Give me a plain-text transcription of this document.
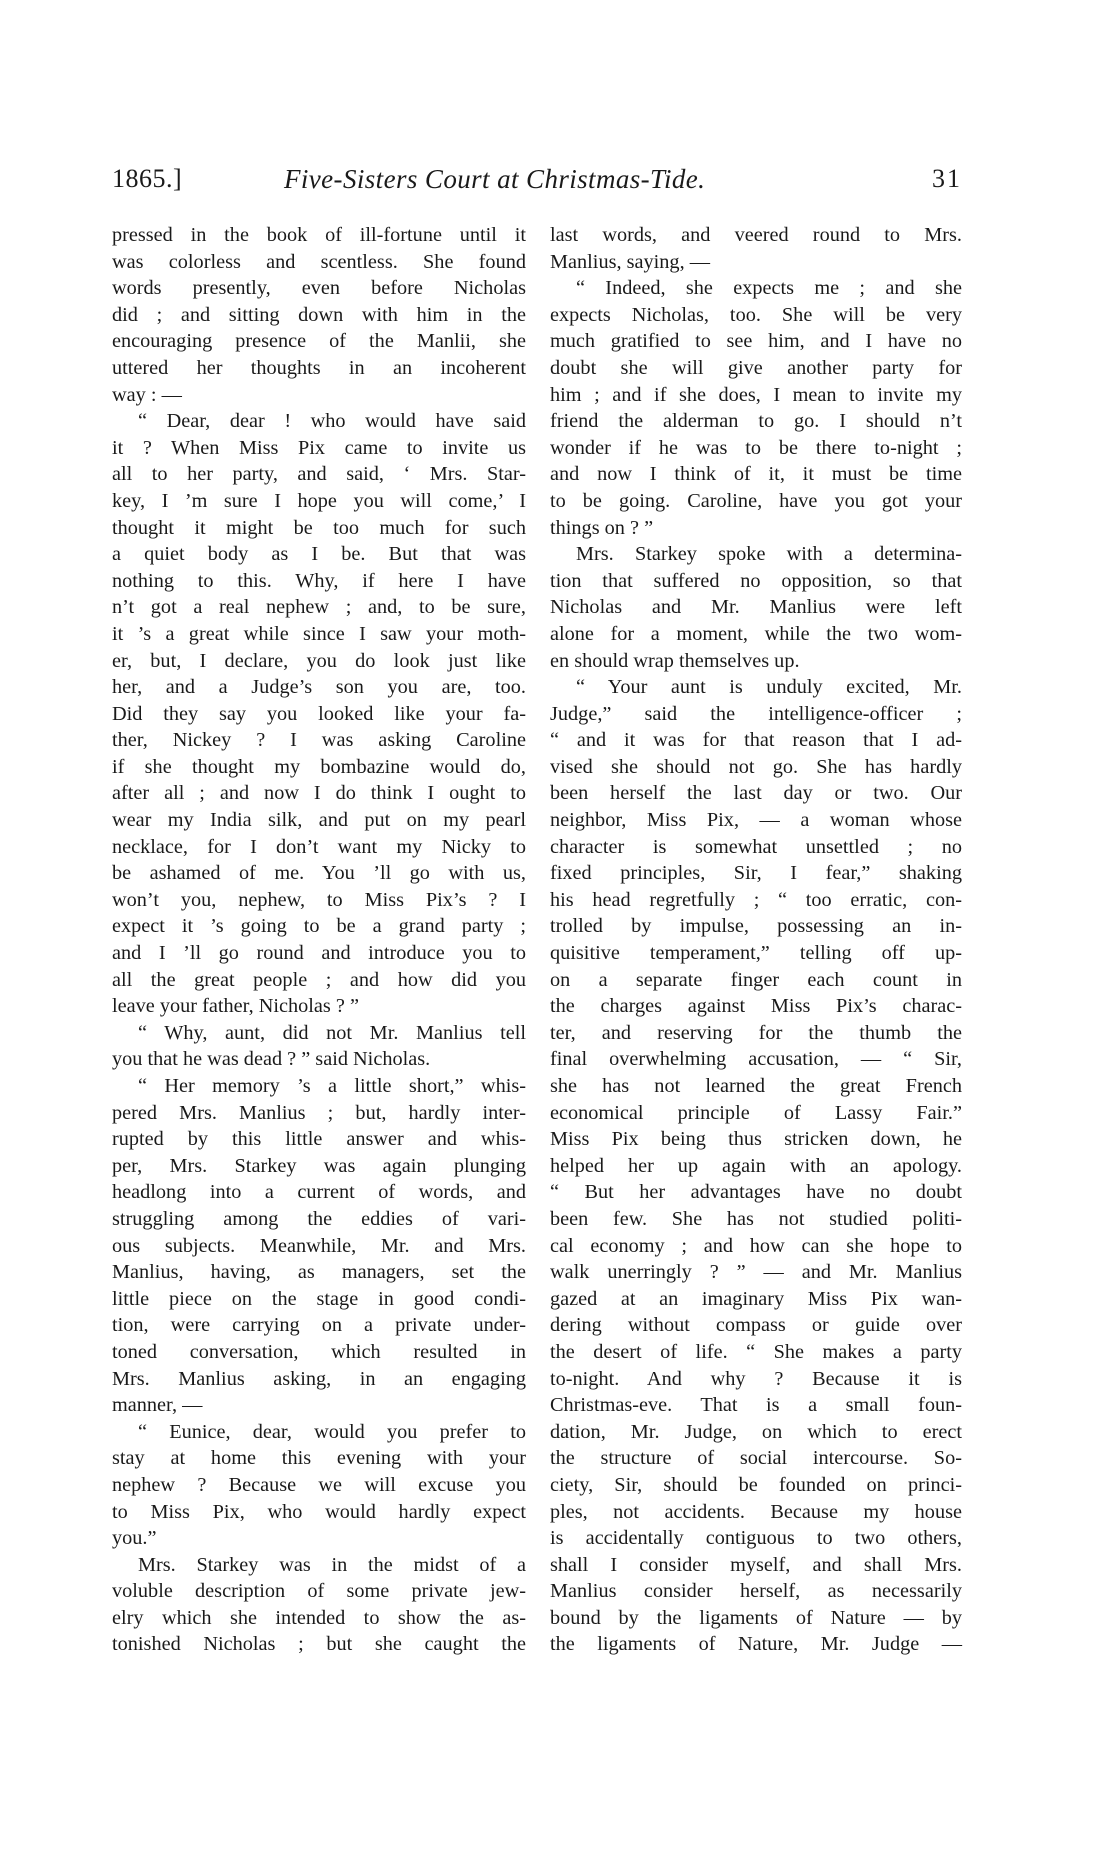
1865.]	Five-Sisters Court at Christmas-Tide.	31
pressed in the book of ill-fortune until it
was colorless and scentless. She found
words presently, even before Nicholas
did ; and sitting down with him in the
encouraging presence of the Manlii, she
uttered her thoughts in an incoherent
way : —
“ Dear, dear ! who would have said
it ? When Miss Pix came to invite us
all to her party, and said, ‘ Mrs. Star-
key, I ’m sure I hope you will come,’ I
thought it might be too much for such
a quiet body as I be. But that was
nothing to this. Why, if here I have
n’t got a real nephew ; and, to be sure,
it ’s a great while since I saw your moth-
er, but, I declare, you do look just like
her, and a Judge’s son you are, too.
Did they say you looked like your fa-
ther, Nickey ? I was asking Caroline
if she thought my bombazine would do,
after all ; and now I do think I ought to
wear my India silk, and put on my pearl
necklace, for I don’t want my Nicky to
be ashamed of me. You ’ll go with us,
won’t you, nephew, to Miss Pix’s ? I
expect it ’s going to be a grand party ;
and I ’ll go round and introduce you to
all the great people ; and how did you
leave your father, Nicholas ? ”
“ Why, aunt, did not Mr. Manlius tell
you that he was dead ? ” said Nicholas.
“ Her memory ’s a little short,” whis-
pered Mrs. Manlius ; but, hardly inter-
rupted by this little answer and whis-
per, Mrs. Starkey was again plunging
headlong into a current of words, and
struggling among the eddies of vari-
ous subjects. Meanwhile, Mr. and Mrs.
Manlius, having, as managers, set the
little piece on the stage in good condi-
tion, were carrying on a private under-
toned conversation, which resulted in
Mrs. Manlius asking, in an engaging
manner, —
“ Eunice, dear, would you prefer to
stay at home this evening with your
nephew ? Because we will excuse you
to Miss Pix, who would hardly expect
you.”
Mrs. Starkey was in the midst of a
voluble description of some private jew-
elry which she intended to show the as-
tonished Nicholas ; but she caught the
last words, and veered round to Mrs.
Manlius, saying, —
“ Indeed, she expects me ; and she
expects Nicholas, too. She will be very
much gratified to see him, and I have no
doubt she will give another party for
him ; and if she does, I mean to invite my
friend the alderman to go. I should n’t
wonder if he was to be there to-night ;
and now I think of it, it must be time
to be going. Caroline, have you got your
things on ? ”
Mrs. Starkey spoke with a determina-
tion that suffered no opposition, so that
Nicholas and Mr. Manlius were left
alone for a moment, while the two wom-
en should wrap themselves up.
“ Your aunt is unduly excited, Mr.
Judge,” said the intelligence-officer ;
“ and it was for that reason that I ad-
vised she should not go. She has hardly
been herself the last day or two. Our
neighbor, Miss Pix, — a woman whose
character is somewhat unsettled ; no
fixed principles, Sir, I fear,” shaking
his head regretfully ; “ too erratic, con-
trolled by impulse, possessing an in-
quisitive temperament,” telling off up-
on a separate finger each count in
the charges against Miss Pix’s charac-
ter, and reserving for the thumb the
final overwhelming accusation, — “ Sir,
she has not learned the great French
economical principle of Lassy Fair.”
Miss Pix being thus stricken down, he
helped her up again with an apology.
“ But her advantages have no doubt
been few. She has not studied politi-
cal economy ; and how can she hope to
walk unerringly ? ” — and Mr. Manlius
gazed at an imaginary Miss Pix wan-
dering without compass or guide over
the desert of life. “ She makes a party
to-night. And why ? Because it is
Christmas-eve. That is a small foun-
dation, Mr. Judge, on which to erect
the structure of social intercourse. So-
ciety, Sir, should be founded on princi-
ples, not accidents. Because my house
is accidentally contiguous to two others,
shall I consider myself, and shall Mrs.
Manlius consider herself, as necessarily
bound by the ligaments of Nature — by
the ligaments of Nature, Mr. Judge —
